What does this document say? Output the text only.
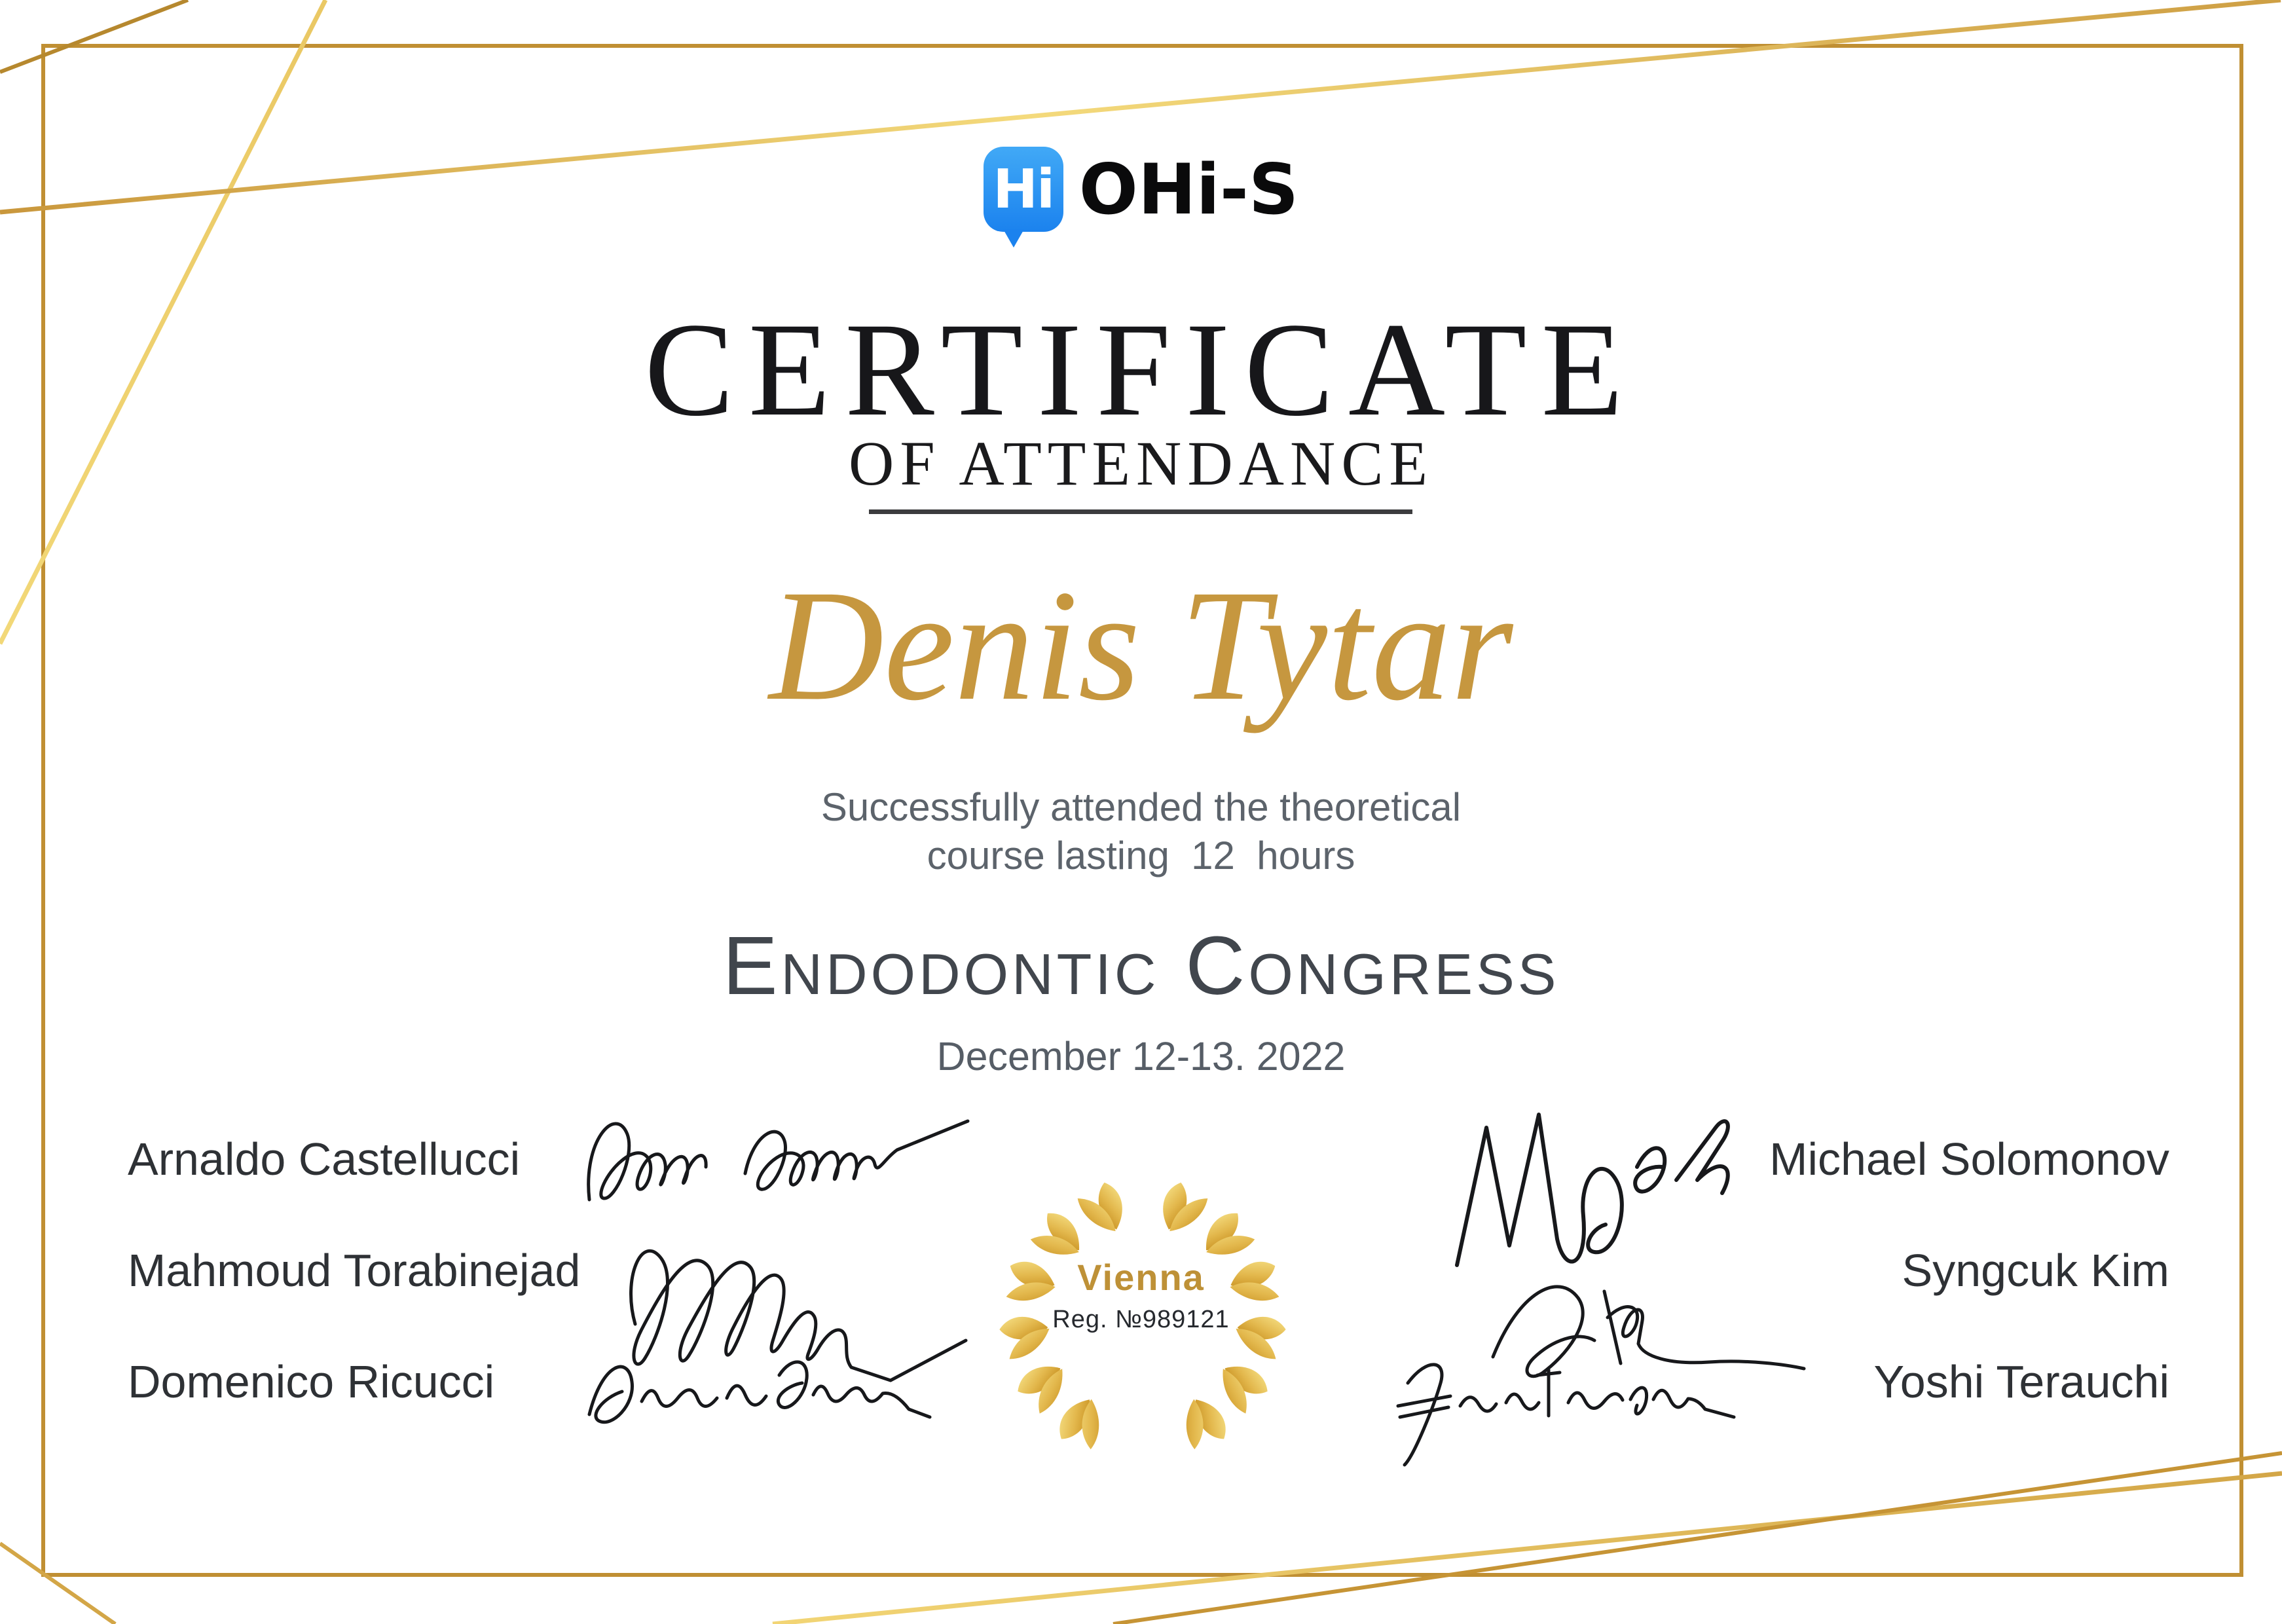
Hi OHi-S
CERTIFICATE
OF ATTENDANCE
Denis Tytar
Successfully attended the theoretical
course lasting  12  hours
Endodontic Congress
December 12-13. 2022
Arnaldo Castellucci
Mahmoud Torabinejad
Domenico Ricucci
Michael Solomonov
Syngcuk Kim
Yoshi Terauchi
Vienna
Reg. №989121
